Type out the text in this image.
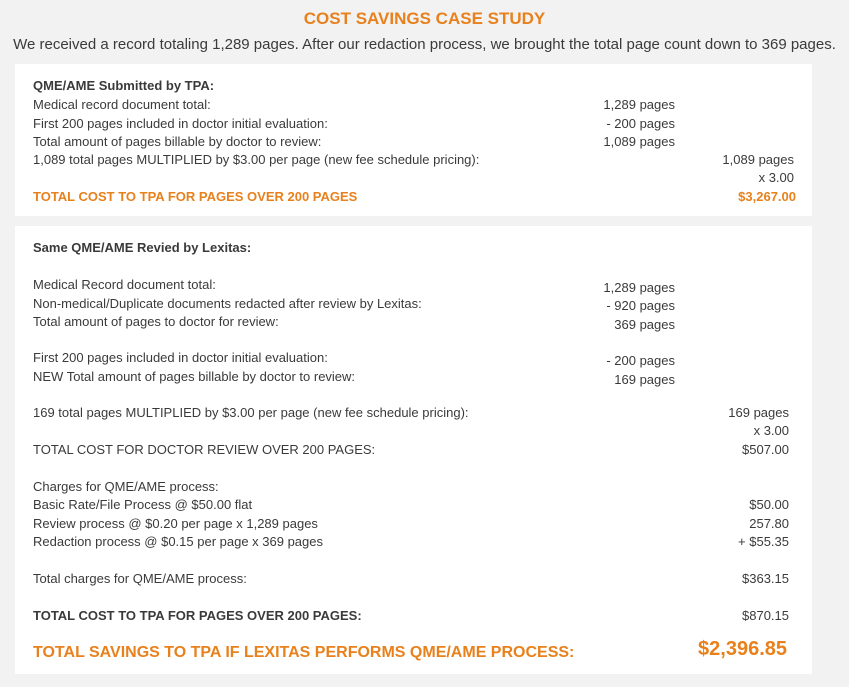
COST SAVINGS CASE STUDY
We received a record totaling 1,289 pages. After our redaction process, we brought the total page count down to 369 pages.
QME/AME Submitted by TPA:
Medical record document total:	1,289 pages
First 200 pages included in doctor initial evaluation:	- 200 pages
Total amount of pages billable by doctor to review:	1,089 pages
1,089 total pages MULTIPLIED by $3.00 per page (new fee schedule pricing):	1,089 pages
x 3.00
TOTAL COST TO TPA FOR PAGES OVER 200 PAGES	$3,267.00
Same QME/AME Revied by Lexitas:
Medical Record document total:	1,289 pages
Non-medical/Duplicate documents redacted after review by Lexitas:	- 920 pages
Total amount of pages to doctor for review:	369 pages
First 200 pages included in doctor initial evaluation:	- 200 pages
NEW Total amount of pages billable by doctor to review:	169 pages
169 total pages MULTIPLIED by $3.00 per page (new fee schedule pricing):	169 pages
x 3.00
TOTAL COST FOR DOCTOR REVIEW OVER 200 PAGES:	$507.00
Charges for QME/AME process:
Basic Rate/File Process @ $50.00 flat	$50.00
Review process @ $0.20 per page x 1,289 pages	257.80
Redaction process @ $0.15 per page x 369 pages	+ $55.35
Total charges for QME/AME process:	$363.15
TOTAL COST TO TPA FOR PAGES OVER 200 PAGES:	$870.15
TOTAL SAVINGS TO TPA IF LEXITAS PERFORMS QME/AME PROCESS:	$2,396.85
